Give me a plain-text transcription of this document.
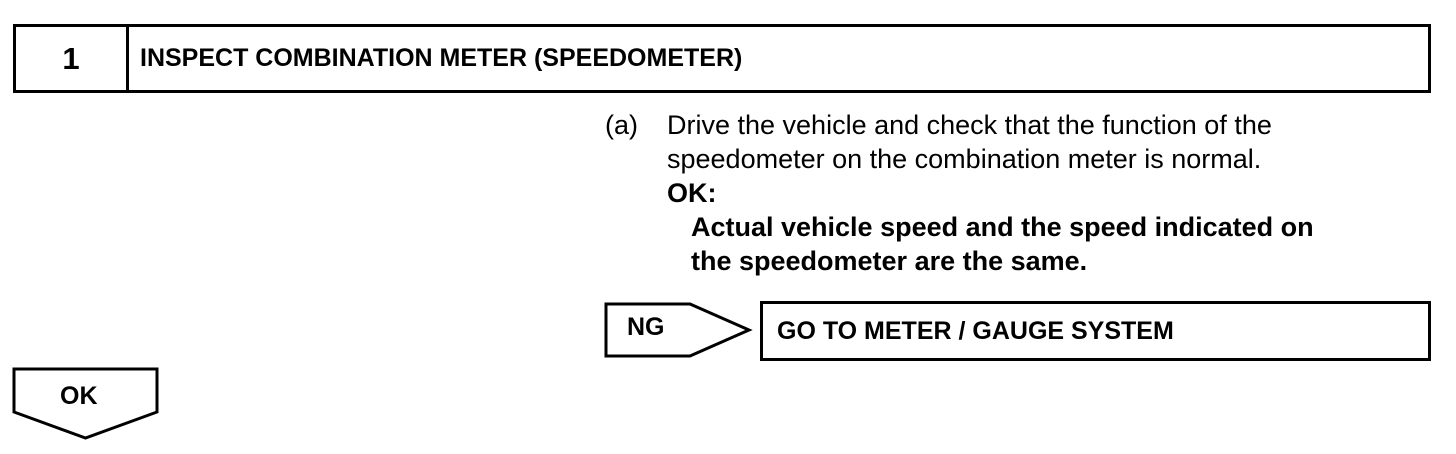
1	INSPECT COMBINATION METER (SPEEDOMETER)
(a) Drive the vehicle and check that the function of the
speedometer on the combination meter is normal.
OK:
Actual vehicle speed and the speed indicated on
the speedometer are the same.
NG	GO TO METER / GAUGE SYSTEM
OK
